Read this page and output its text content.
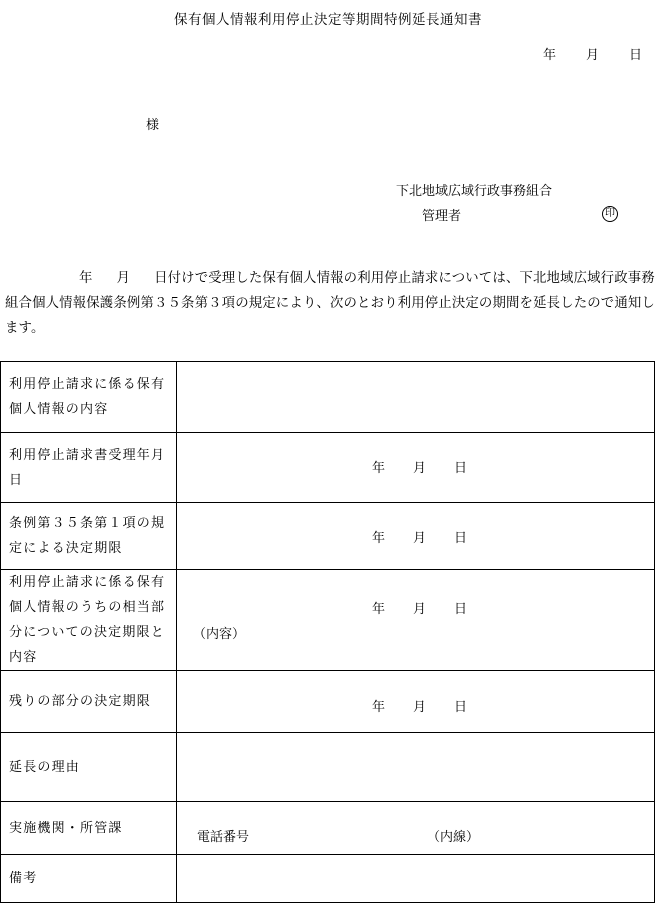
保有個人情報利用停止決定等期間特例延長通知書
年 月 日
様
下北地域広域行政事務組合
管理者	印
年 月 日付けで受理した保有個人情報の利用停止請求については、下北地域広域行政事務組合個人情報保護条例第３５条第３項の規定により、次のとおり利用停止決定の期間を延長したので通知します。
利用停止請求に係る保有個人情報の内容	
利用停止請求書受理年月日	年 月 日

条例第３５条第１項の規定による決定期限	年 月 日

利用停止請求に係る保有個人情報のうちの相当部分についての決定期限と内容	年 月 日
（内容）

残りの部分の決定期限	年 月 日

延長の理由	
実施機関・所管課	電話番号 （内線）

備考	
